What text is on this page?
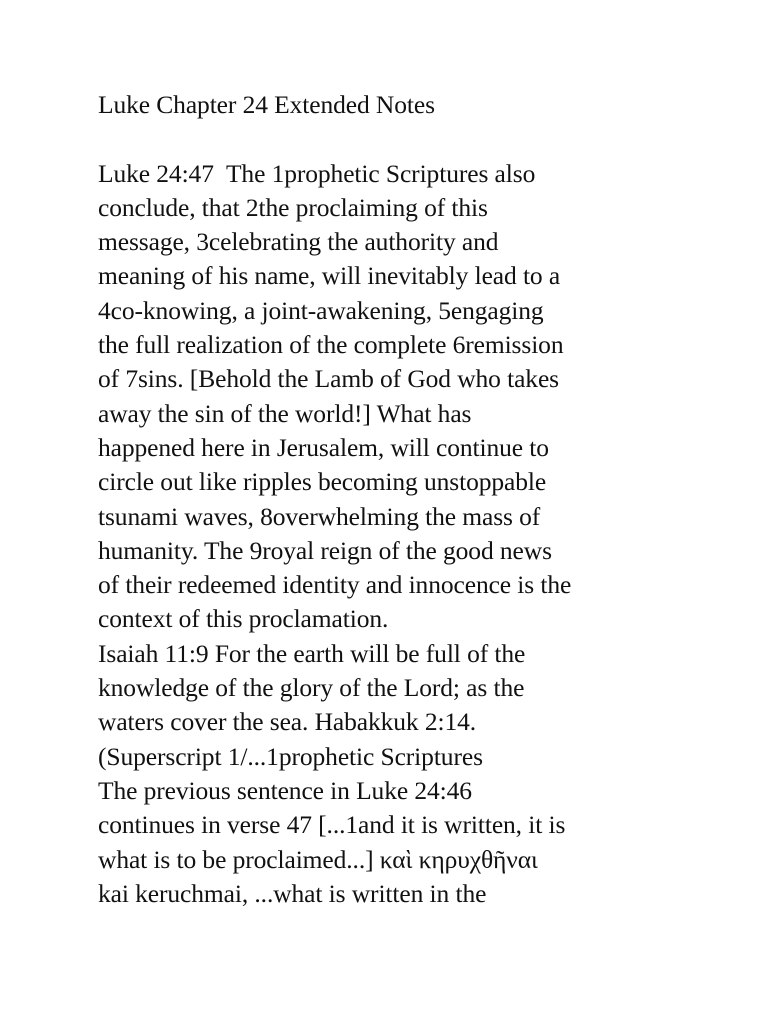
Luke Chapter 24 Extended Notes

Luke 24:47  The 1prophetic Scriptures also
conclude, that 2the proclaiming of this
message, 3celebrating the authority and
meaning of his name, will inevitably lead to a
4co-knowing, a joint-awakening, 5engaging
the full realization of the complete 6remission
of 7sins. [Behold the Lamb of God who takes
away the sin of the world!] What has
happened here in Jerusalem, will continue to
circle out like ripples becoming unstoppable
tsunami waves, 8overwhelming the mass of
humanity. The 9royal reign of the good news
of their redeemed identity and innocence is the
context of this proclamation.

Isaiah 11:9 For the earth will be full of the
knowledge of the glory of the Lord; as the
waters cover the sea. Habakkuk 2:14.
(Superscript 1/...1prophetic Scriptures

The previous sentence in Luke 24:46
continues in verse 47 [...1and it is written, it is
what is to be proclaimed...] καὶ κηρυχθῆναι
kai keruchmai, ...what is written in the
